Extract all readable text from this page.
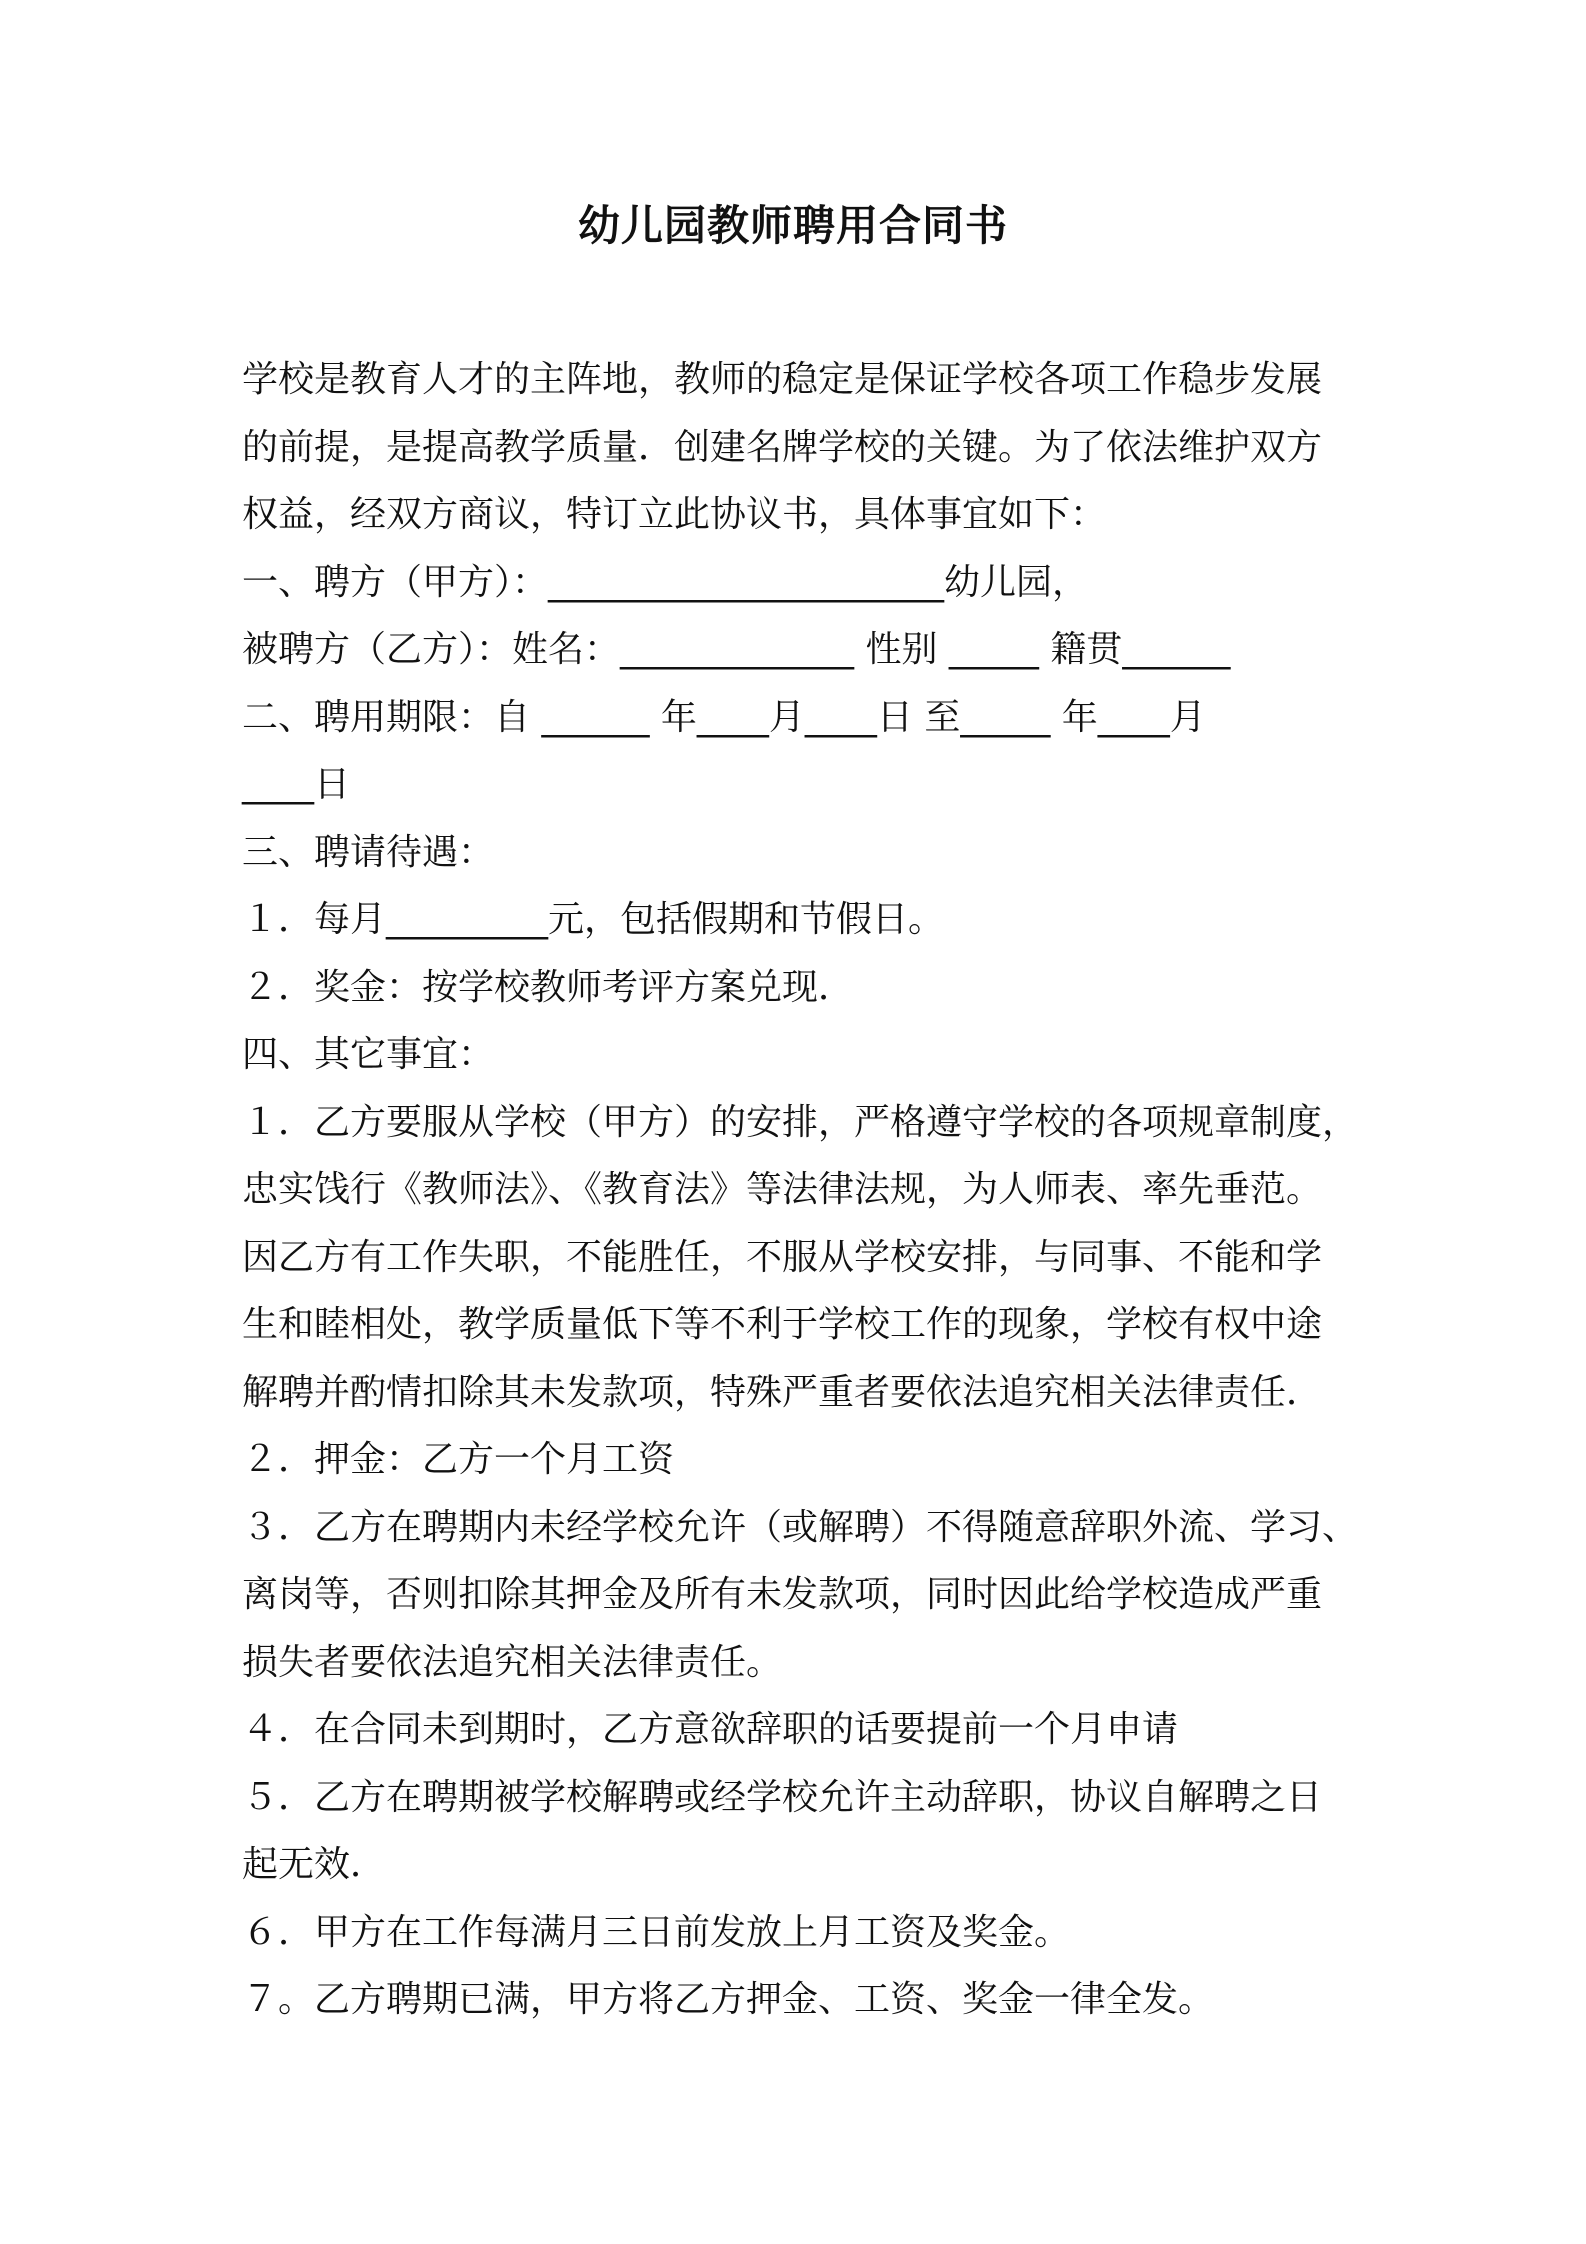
幼儿园教师聘用合同书
学校是教育人才的主阵地，教师的稳定是保证学校各项工作稳步发展
的前提，是提高教学质量．创建名牌学校的关键。为了依法维护双方
权益，经双方商议，特订立此协议书，具体事宜如下：
一、聘方（甲方）：______________________幼儿园，
被聘方（乙方）：姓名：_____________ 性别 _____ 籍贯______
二、聘用期限：自 ______ 年____月____日 至_____ 年____月
____日
三、聘请待遇：
１．每月_________元，包括假期和节假日。
２．奖金：按学校教师考评方案兑现．
四、其它事宜：
１．乙方要服从学校（甲方）的安排，严格遵守学校的各项规章制度，
忠实饯行《教师法》、《教育法》等法律法规，为人师表、率先垂范。
因乙方有工作失职，不能胜任，不服从学校安排，与同事、不能和学
生和睦相处，教学质量低下等不利于学校工作的现象，学校有权中途
解聘并酌情扣除其未发款项，特殊严重者要依法追究相关法律责任．
２．押金：乙方一个月工资
３．乙方在聘期内未经学校允许（或解聘）不得随意辞职外流、学习、
离岗等，否则扣除其押金及所有未发款项，同时因此给学校造成严重
损失者要依法追究相关法律责任。
４．在合同未到期时，乙方意欲辞职的话要提前一个月申请
５．乙方在聘期被学校解聘或经学校允许主动辞职，协议自解聘之日
起无效．
６．甲方在工作每满月三日前发放上月工资及奖金。
７。乙方聘期已满，甲方将乙方押金、工资、奖金一律全发。
